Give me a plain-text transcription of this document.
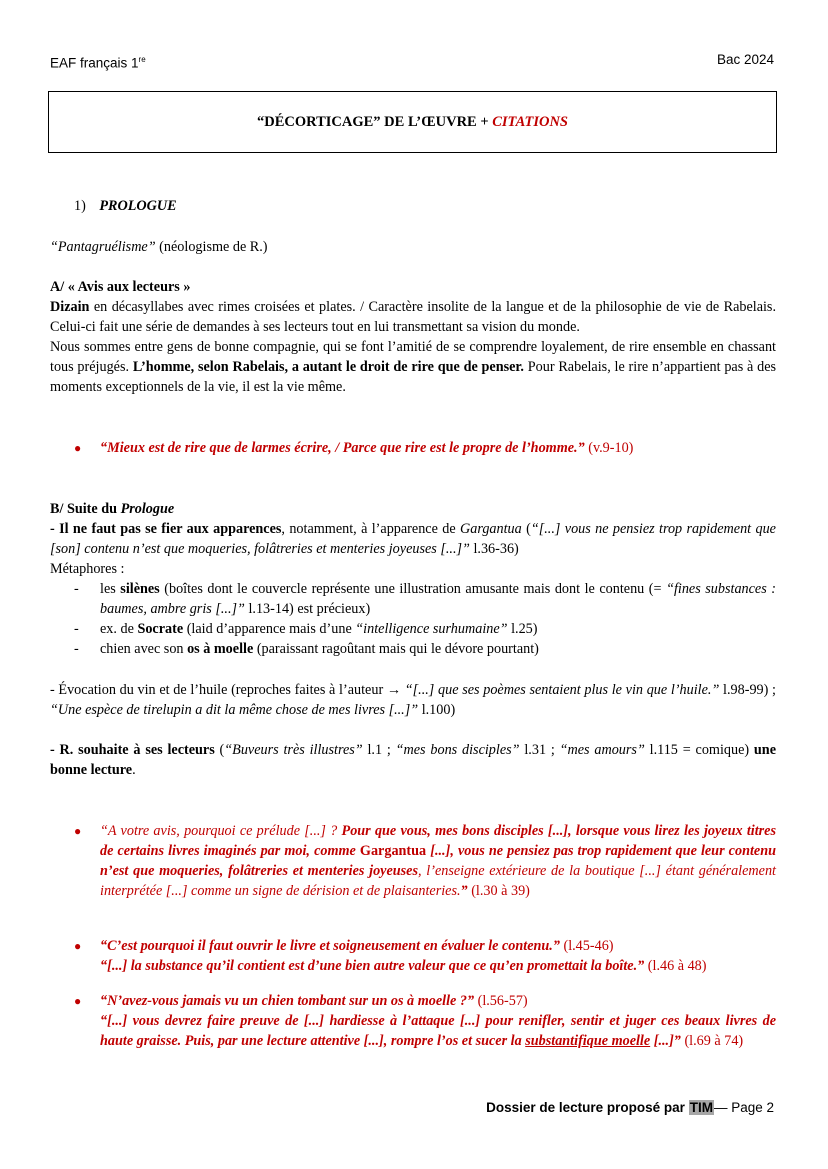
EAF français 1re	Bac 2024
“DÉCORTICAGE” DE L’ŒUVRE + CITATIONS
1) PROLOGUE
“Pantagruélisme” (néologisme de R.)

A/ « Avis aux lecteurs »

Dizain en décasyllabes avec rimes croisées et plates. / Caractère insolite de la langue et de la philosophie de vie de Rabelais. Celui-ci fait une série de demandes à ses lecteurs tout en lui transmettant sa vision du monde.

Nous sommes entre gens de bonne compagnie, qui se font l’amitié de se comprendre loyalement, de rire ensemble en chassant tous préjugés. L’homme, selon Rabelais, a autant le droit de rire que de penser. Pour Rabelais, le rire n’appartient pas à des moments exceptionnels de la vie, il est la vie même.

● “Mieux est de rire que de larmes écrire, / Parce que rire est le propre de l’homme.” (v.9-10)

B/ Suite du Prologue

- Il ne faut pas se fier aux apparences, notamment, à l’apparence de Gargantua (“[...] vous ne pensiez trop rapidement que [son] contenu n’est que moqueries, folâtreries et menteries joyeuses [...]” l.36-36)

Métaphores :

- les silènes (boîtes dont le couvercle représente une illustration amusante mais dont le contenu (= “fines substances : baumes, ambre gris [...]” l.13-14) est précieux)
- ex. de Socrate (laid d’apparence mais d’une “intelligence surhumaine” l.25)
- chien avec son os à moelle (paraissant ragoûtant mais qui le dévore pourtant)
- Évocation du vin et de l’huile (reproches faites à l’auteur → “[...] que ses poèmes sentaient plus le vin que l’huile.” l.98-99) ; “Une espèce de tirelupin a dit la même chose de mes livres [...]” l.100)
- R. souhaite à ses lecteurs (“Buveurs très illustres” l.1 ; “mes bons disciples” l.31 ; “mes amours” l.115 = comique) une bonne lecture.
● “A votre avis, pourquoi ce prélude [...] ? Pour que vous, mes bons disciples [...], lorsque vous lirez les joyeux titres de certains livres imaginés par moi, comme Gargantua [...], vous ne pensiez pas trop rapidement que leur contenu n’est que moqueries, folâtreries et menteries joyeuses, l’enseigne extérieure de la boutique [...] étant généralement interprétée [...] comme un signe de dérision et de plaisanteries.” (l.30 à 39)
● “C’est pourquoi il faut ouvrir le livre et soigneusement en évaluer le contenu.” (l.45-46)
“[...] la substance qu’il contient est d’une bien autre valeur que ce qu’en promettait la boîte.” (l.46 à 48)
● “N’avez-vous jamais vu un chien tombant sur un os à moelle ?” (l.56-57)
“[...] vous devrez faire preuve de [...] hardiesse à l’attaque [...] pour renifler, sentir et juger ces beaux livres de haute graisse. Puis, par une lecture attentive [...], rompre l’os et sucer la substantifique moelle [...]” (l.69 à 74)
Dossier de lecture proposé par TIM— Page 2
